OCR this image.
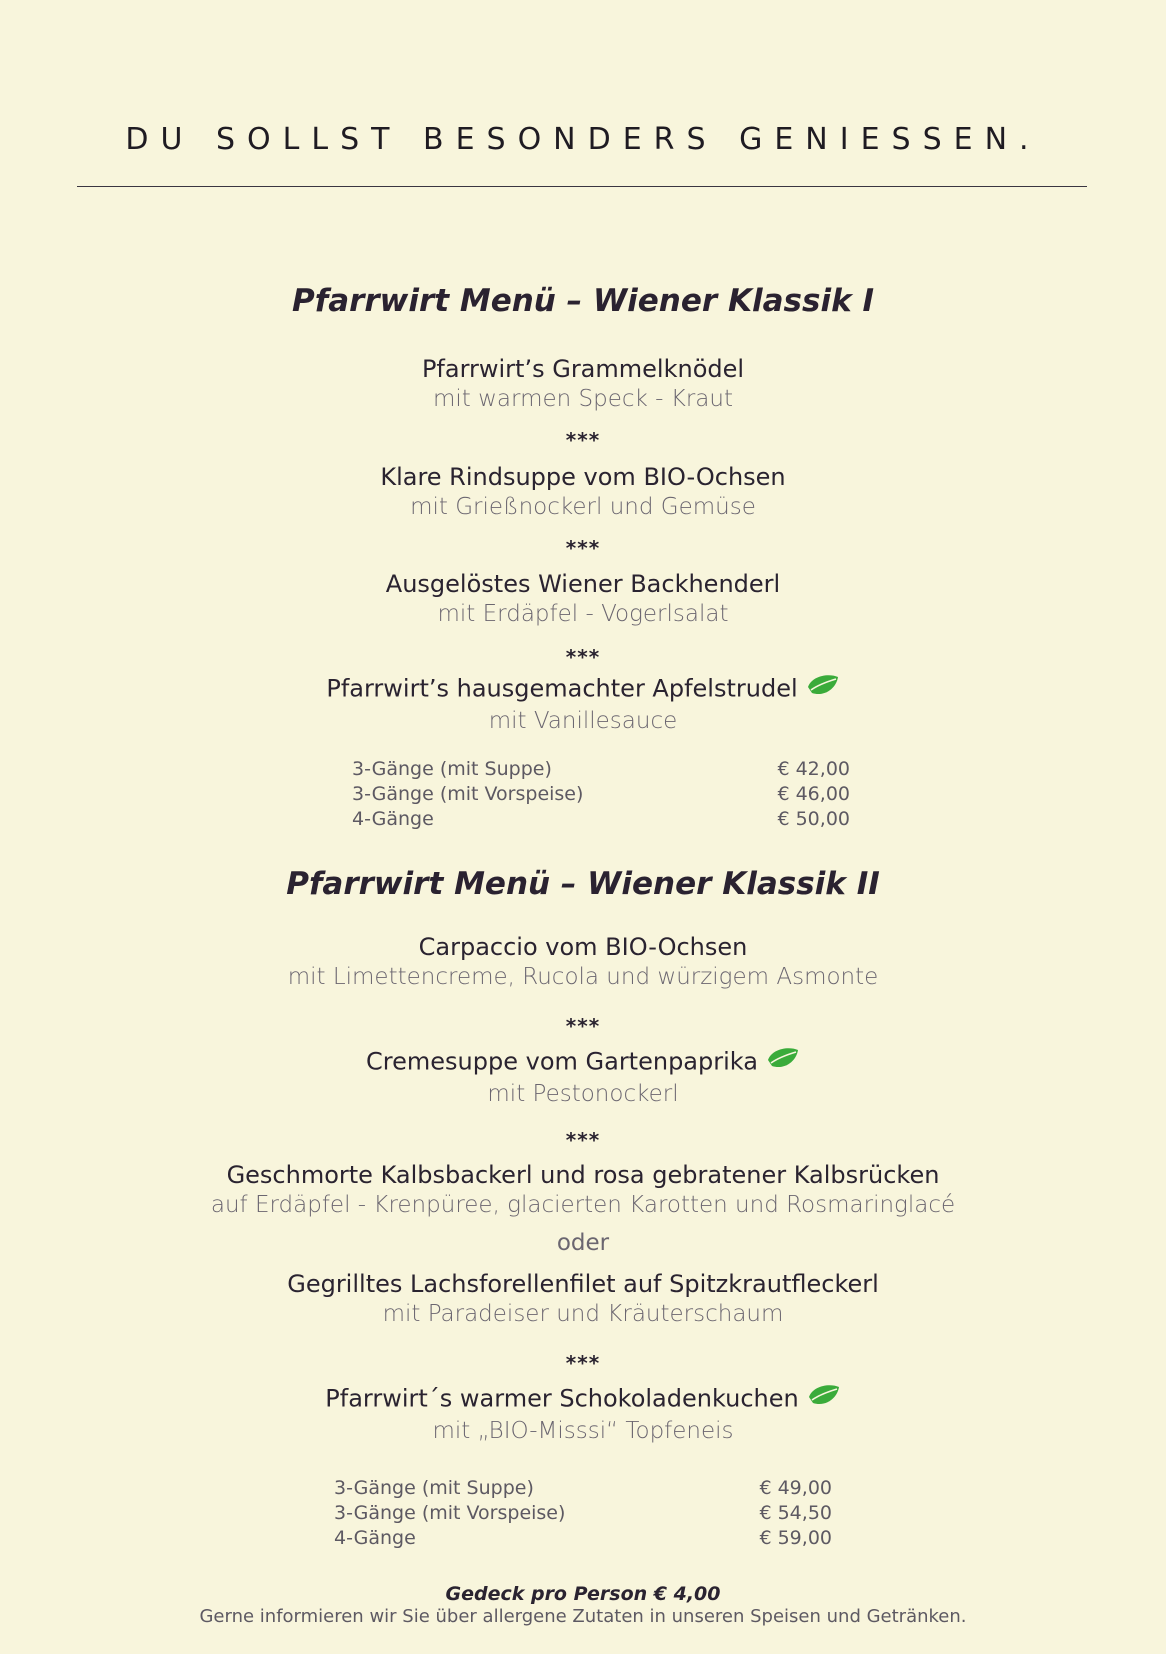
DU SOLLST BESONDERS GENIESSEN.
Pfarrwirt Menü – Wiener Klassik I
Pfarrwirt’s Grammelknödel
mit warmen Speck - Kraut
***
Klare Rindsuppe vom BIO-Ochsen
mit Grießnockerl und Gemüse
***
Ausgelöstes Wiener Backhenderl
mit Erdäpfel - Vogerlsalat
***
Pfarrwirt’s hausgemachter Apfelstrudel
mit Vanillesauce
3-Gänge (mit Suppe)	€ 42,00
3-Gänge (mit Vorspeise)	€ 46,00
4-Gänge	€ 50,00
Pfarrwirt Menü – Wiener Klassik II
Carpaccio vom BIO-Ochsen
mit Limettencreme, Rucola und würzigem Asmonte
***
Cremesuppe vom Gartenpaprika
mit Pestonockerl
***
Geschmorte Kalbsbackerl und rosa gebratener Kalbsrücken
auf Erdäpfel - Krenpüree, glacierten Karotten und Rosmaringlacé
oder
Gegrilltes Lachsforellenfilet auf Spitzkrautfleckerl
mit Paradeiser und Kräuterschaum
***
Pfarrwirt´s warmer Schokoladenkuchen
mit „BIO-Misssi“ Topfeneis
3-Gänge (mit Suppe)	€ 49,00
3-Gänge (mit Vorspeise)	€ 54,50
4-Gänge	€ 59,00
Gedeck pro Person € 4,00
Gerne informieren wir Sie über allergene Zutaten in unseren Speisen und Getränken.
